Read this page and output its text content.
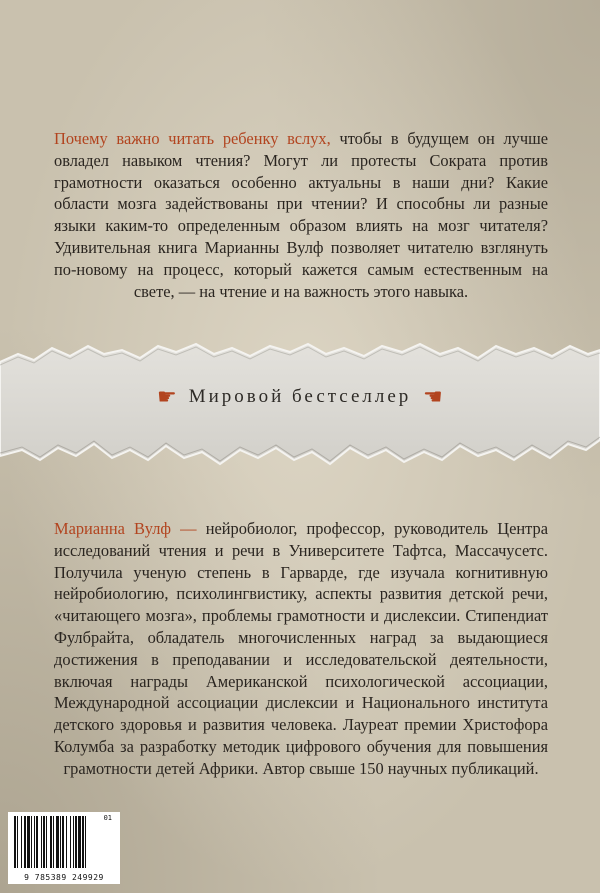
Почему важно читать ребенку вслух, чтобы в будущем он лучше овладел навыком чтения? Могут ли протесты Сократа против грамотности оказаться особенно актуальны в наши дни? Какие области мозга задействованы при чтении? И способны ли разные языки каким-то определенным образом влиять на мозг читателя? Удивительная книга Марианны Вулф позволяет читателю взглянуть по-новому на процесс, который кажется самым естественным на свете, — на чтение и на важность этого навыка.
☛ Мировой бестселлер ☛
Марианна Вулф — нейробиолог, профессор, руководитель Центра исследований чтения и речи в Университете Тафтса, Массачусетс. Получила ученую степень в Гарварде, где изучала когнитивную нейробиологию, психолингвистику, аспекты развития детской речи, «читающего мозга», проблемы грамотности и дислексии. Стипендиат Фулбрайта, обладатель многочисленных наград за выдающиеся достижения в преподавании и исследовательской деятельности, включая награды Американской психологической ассоциации, Международной ассоциации дислексии и Национального института детского здоровья и развития человека. Лауреат премии Христофора Колумба за разработку методик цифрового обучения для повышения грамотности детей Африки. Автор свыше 150 научных публикаций.
01
9 785389 249929
